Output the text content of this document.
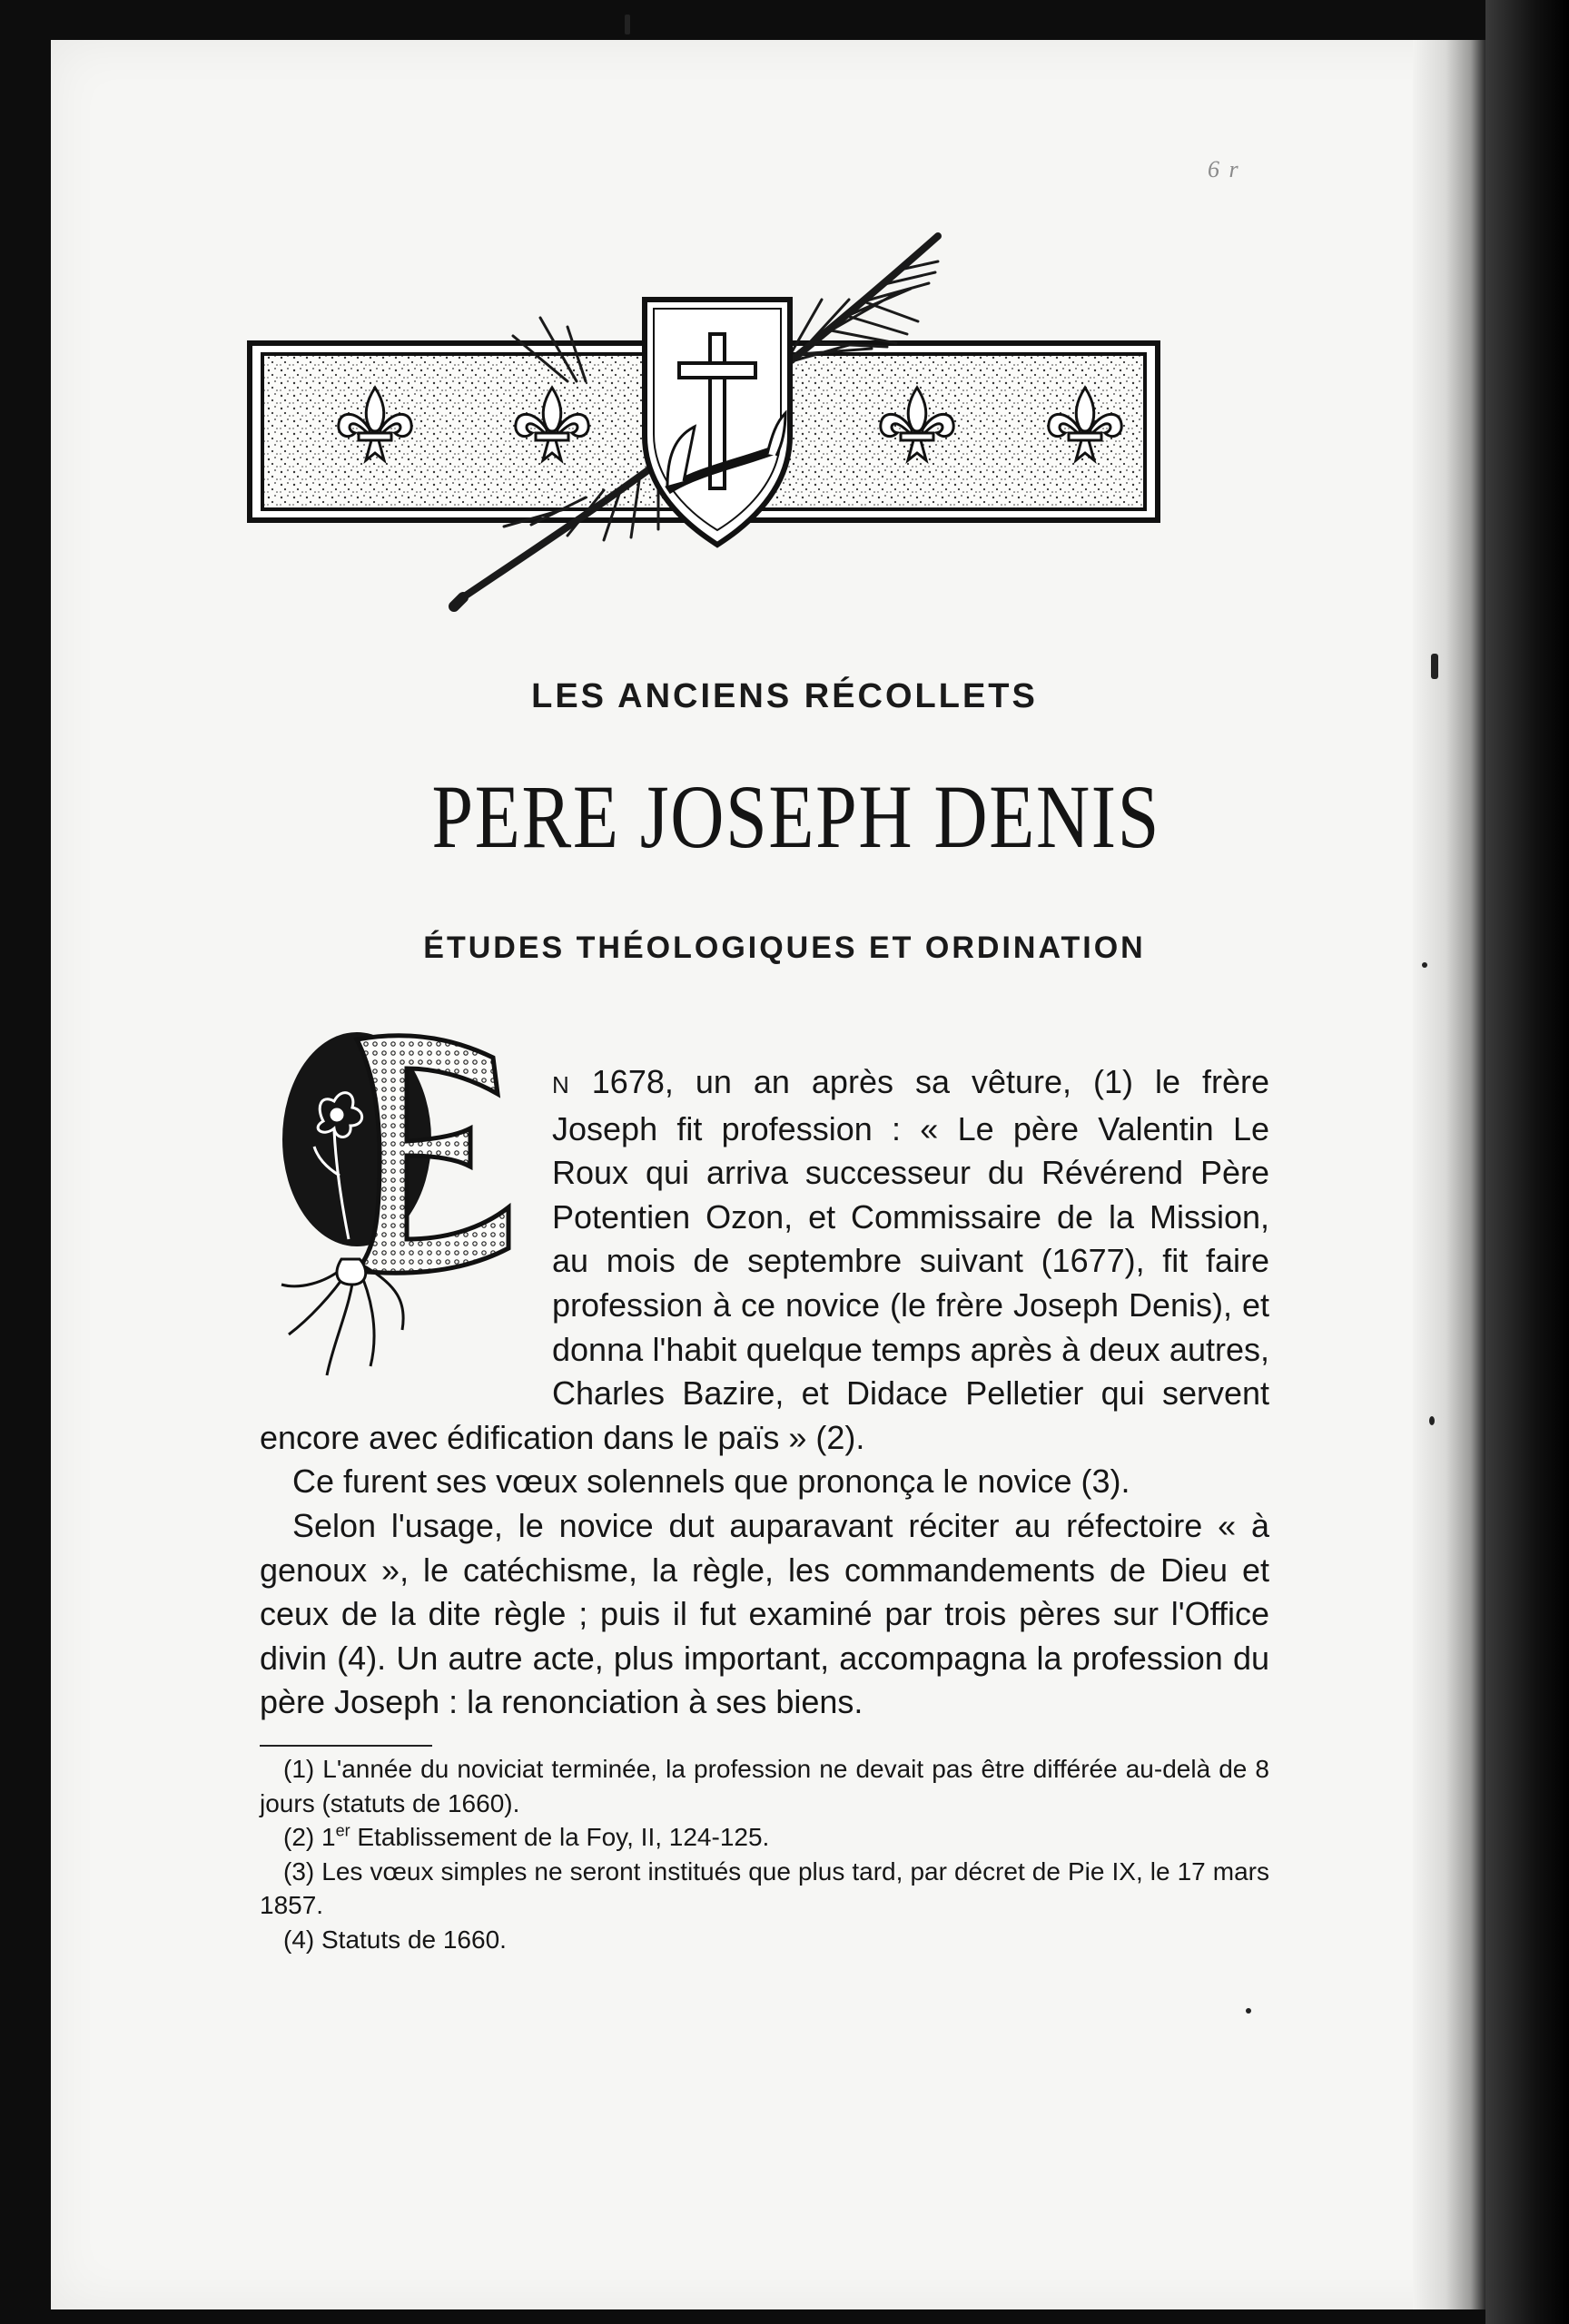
6 r
LES ANCIENS RÉCOLLETS
PERE JOSEPH DENIS
ÉTUDES THÉOLOGIQUES ET ORDINATION

N 1678, un an après sa vêture, (1) le frère Joseph fit profession : « Le père Valentin Le Roux qui arriva successeur du Révérend Père Potentien Ozon, et Commissaire de la Mission, au mois de septembre suivant (1677), fit faire profession à ce novice (le frère Joseph Denis), et donna l'habit quelque temps après à deux autres, Charles Bazire, et Didace Pelletier qui servent encore avec édification dans le païs » (2).

Ce furent ses vœux solennels que prononça le novice (3).

Selon l'usage, le novice dut auparavant réciter au réfectoire « à genoux », le catéchisme, la règle, les commandements de Dieu et ceux de la dite règle ; puis il fut examiné par trois pères sur l'Office divin (4). Un autre acte, plus important, accompagna la profession du père Joseph : la renonciation à ses biens.

(1) L'année du noviciat terminée, la profession ne devait pas être différée au-delà de 8 jours (statuts de 1660).

(2) 1er Etablissement de la Foy, II, 124-125.

(3) Les vœux simples ne seront institués que plus tard, par décret de Pie IX, le 17 mars 1857.

(4) Statuts de 1660.
